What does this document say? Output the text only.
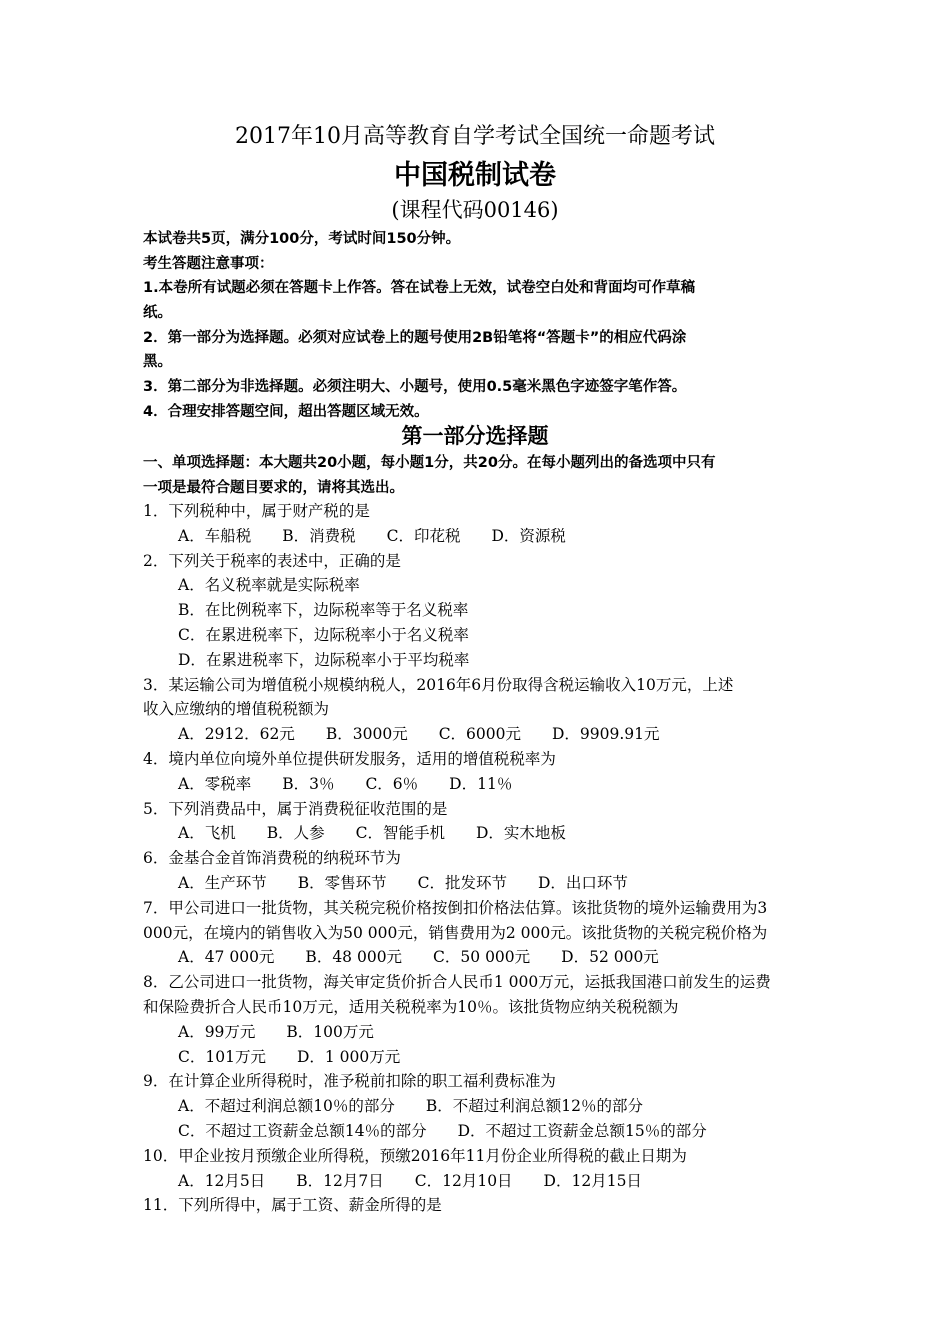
2017年10月高等教育自学考试全国统一命题考试
中国税制试卷
(课程代码00146)
本试卷共5页，满分100分，考试时间150分钟。
考生答题注意事项：
1.本卷所有试题必须在答题卡上作答。答在试卷上无效，试卷空白处和背面均可作草稿
纸。
2．第一部分为选择题。必须对应试卷上的题号使用2B铅笔将“答题卡”的相应代码涂
黑。
3．第二部分为非选择题。必须注明大、小题号，使用0.5毫米黑色字迹签字笔作答。
4．合理安排答题空间，超出答题区域无效。
第一部分选择题
一、单项选择题：本大题共20小题，每小题1分，共20分。在每小题列出的备选项中只有
一项是最符合题目要求的，请将其选出。
1．下列税种中，属于财产税的是
A．车船税　　B．消费税　　C．印花税　　D．资源税
2．下列关于税率的表述中，正确的是
A．名义税率就是实际税率
B．在比例税率下，边际税率等于名义税率
C．在累进税率下，边际税率小于名义税率
D．在累进税率下，边际税率小于平均税率
3．某运输公司为增值税小规模纳税人，2016年6月份取得含税运输收入10万元，上述
收入应缴纳的增值税税额为
A．2912．62元　　B．3000元　　C．6000元　　D．9909.91元
4．境内单位向境外单位提供研发服务，适用的增值税税率为
A．零税率　　B．3％　　C．6％　　D．11％
5．下列消费品中，属于消费税征收范围的是
A．飞机　　B．人参　　C．智能手机　　D．实木地板
6．金基合金首饰消费税的纳税环节为
A．生产环节　　B．零售环节　　C．批发环节　　D．出口环节
7．甲公司进口一批货物，其关税完税价格按倒扣价格法估算。该批货物的境外运输费用为3
000元，在境内的销售收入为50 000元，销售费用为2 000元。该批货物的关税完税价格为
A．47 000元　　B．48 000元　　C．50 000元　　D．52 000元
8．乙公司进口一批货物，海关审定货价折合人民币1 000万元，运抵我国港口前发生的运费
和保险费折合人民币10万元，适用关税税率为10％。该批货物应纳关税税额为
A．99万元　　B．100万元
C．101万元　　D．1 000万元
9．在计算企业所得税时，准予税前扣除的职工福利费标准为
A．不超过利润总额10％的部分　　B．不超过利润总额12％的部分
C．不超过工资薪金总额14％的部分　　D．不超过工资薪金总额15％的部分
10．甲企业按月预缴企业所得税，预缴2016年11月份企业所得税的截止日期为
A．12月5日　　B．12月7日　　C．12月10日　　D．12月15日
11．下列所得中，属于工资、薪金所得的是
